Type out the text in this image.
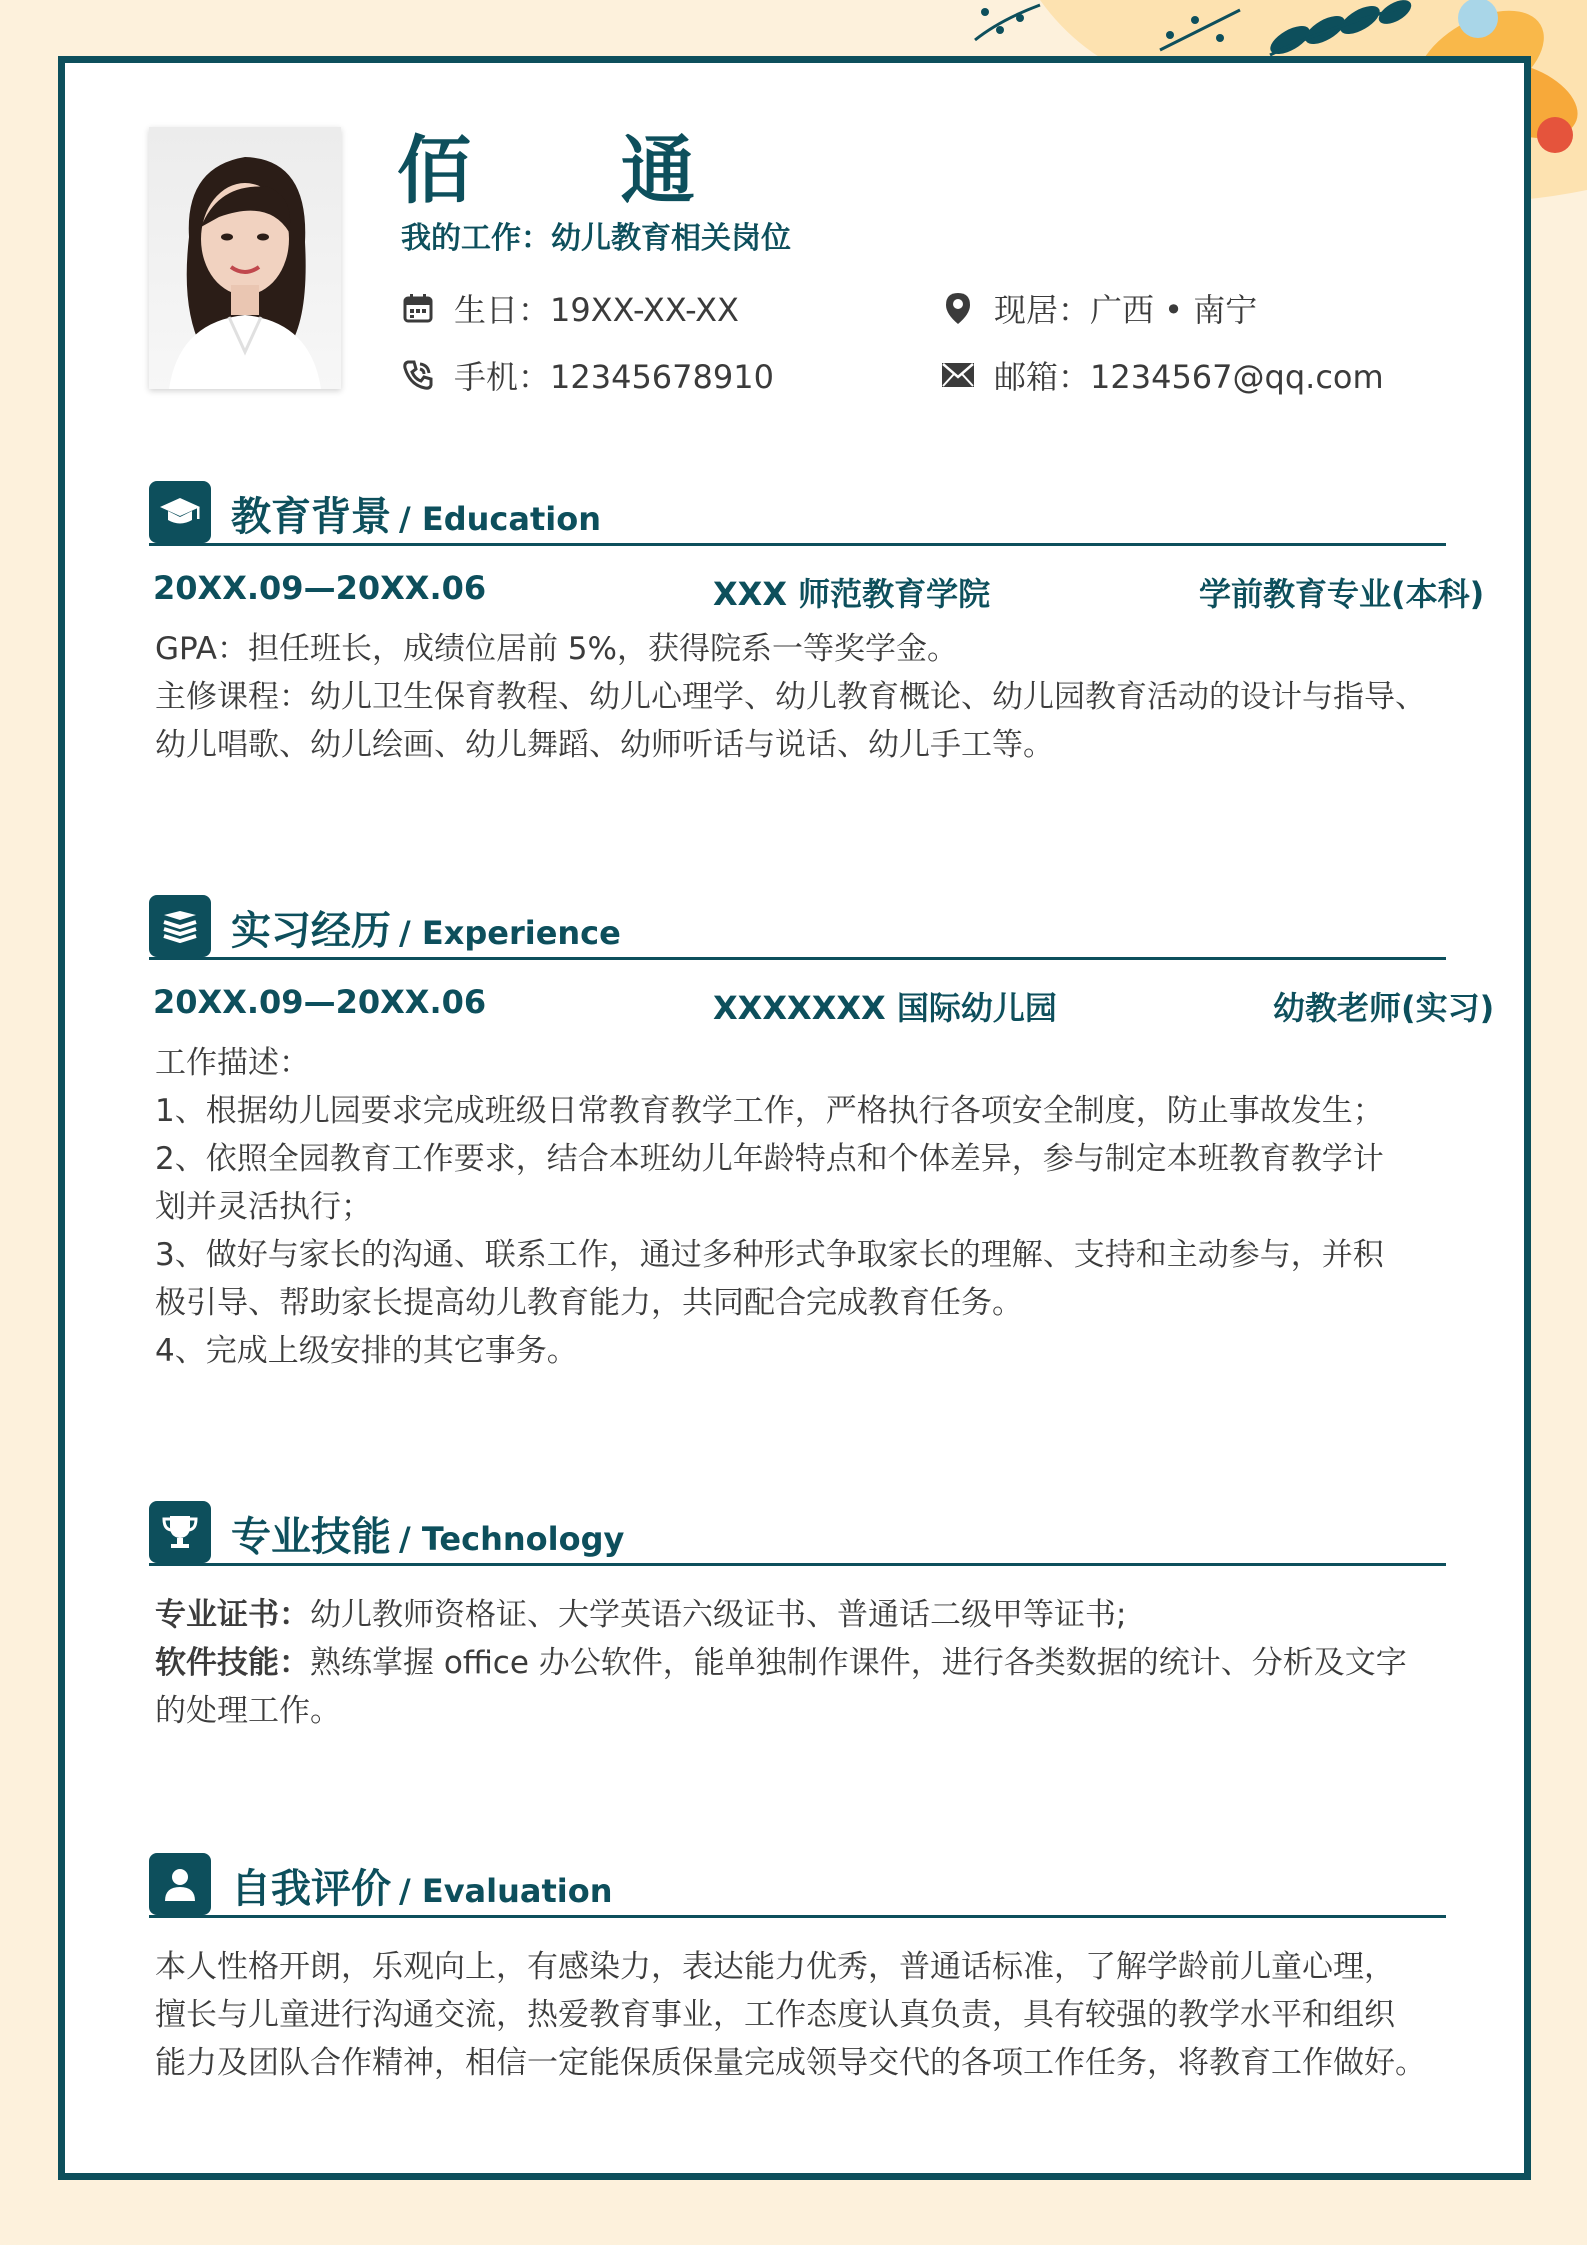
佰 通
我的工作：幼儿教育相关岗位
生日：19XX-XX-XX	现居：广西 • 南宁
手机：12345678910	邮箱：1234567@qq.com
教育背景 / Education
20XX.09—20XX.06	XXX 师范教育学院	学前教育专业(本科)

GPA：担任班长，成绩位居前 5%，获得院系一等奖学金。

主修课程：幼儿卫生保育教程、幼儿心理学、幼儿教育概论、幼儿园教育活动的设计与指导、

幼儿唱歌、幼儿绘画、幼儿舞蹈、幼师听话与说话、幼儿手工等。

实习经历 / Experience
20XX.09—20XX.06	XXXXXXX 国际幼儿园	幼教老师(实习)

工作描述：

1、根据幼儿园要求完成班级日常教育教学工作，严格执行各项安全制度，防止事故发生；

2、依照全园教育工作要求，结合本班幼儿年龄特点和个体差异，参与制定本班教育教学计

划并灵活执行；

3、做好与家长的沟通、联系工作，通过多种形式争取家长的理解、支持和主动参与，并积

极引导、帮助家长提高幼儿教育能力，共同配合完成教育任务。

4、完成上级安排的其它事务。

专业技能 / Technology

专业证书：幼儿教师资格证、大学英语六级证书、普通话二级甲等证书;

软件技能：熟练掌握 office 办公软件，能单独制作课件，进行各类数据的统计、分析及文字

的处理工作。

自我评价 / Evaluation

本人性格开朗，乐观向上，有感染力，表达能力优秀，普通话标准，了解学龄前儿童心理，

擅长与儿童进行沟通交流，热爱教育事业，工作态度认真负责，具有较强的教学水平和组织

能力及团队合作精神，相信一定能保质保量完成领导交代的各项工作任务，将教育工作做好。
